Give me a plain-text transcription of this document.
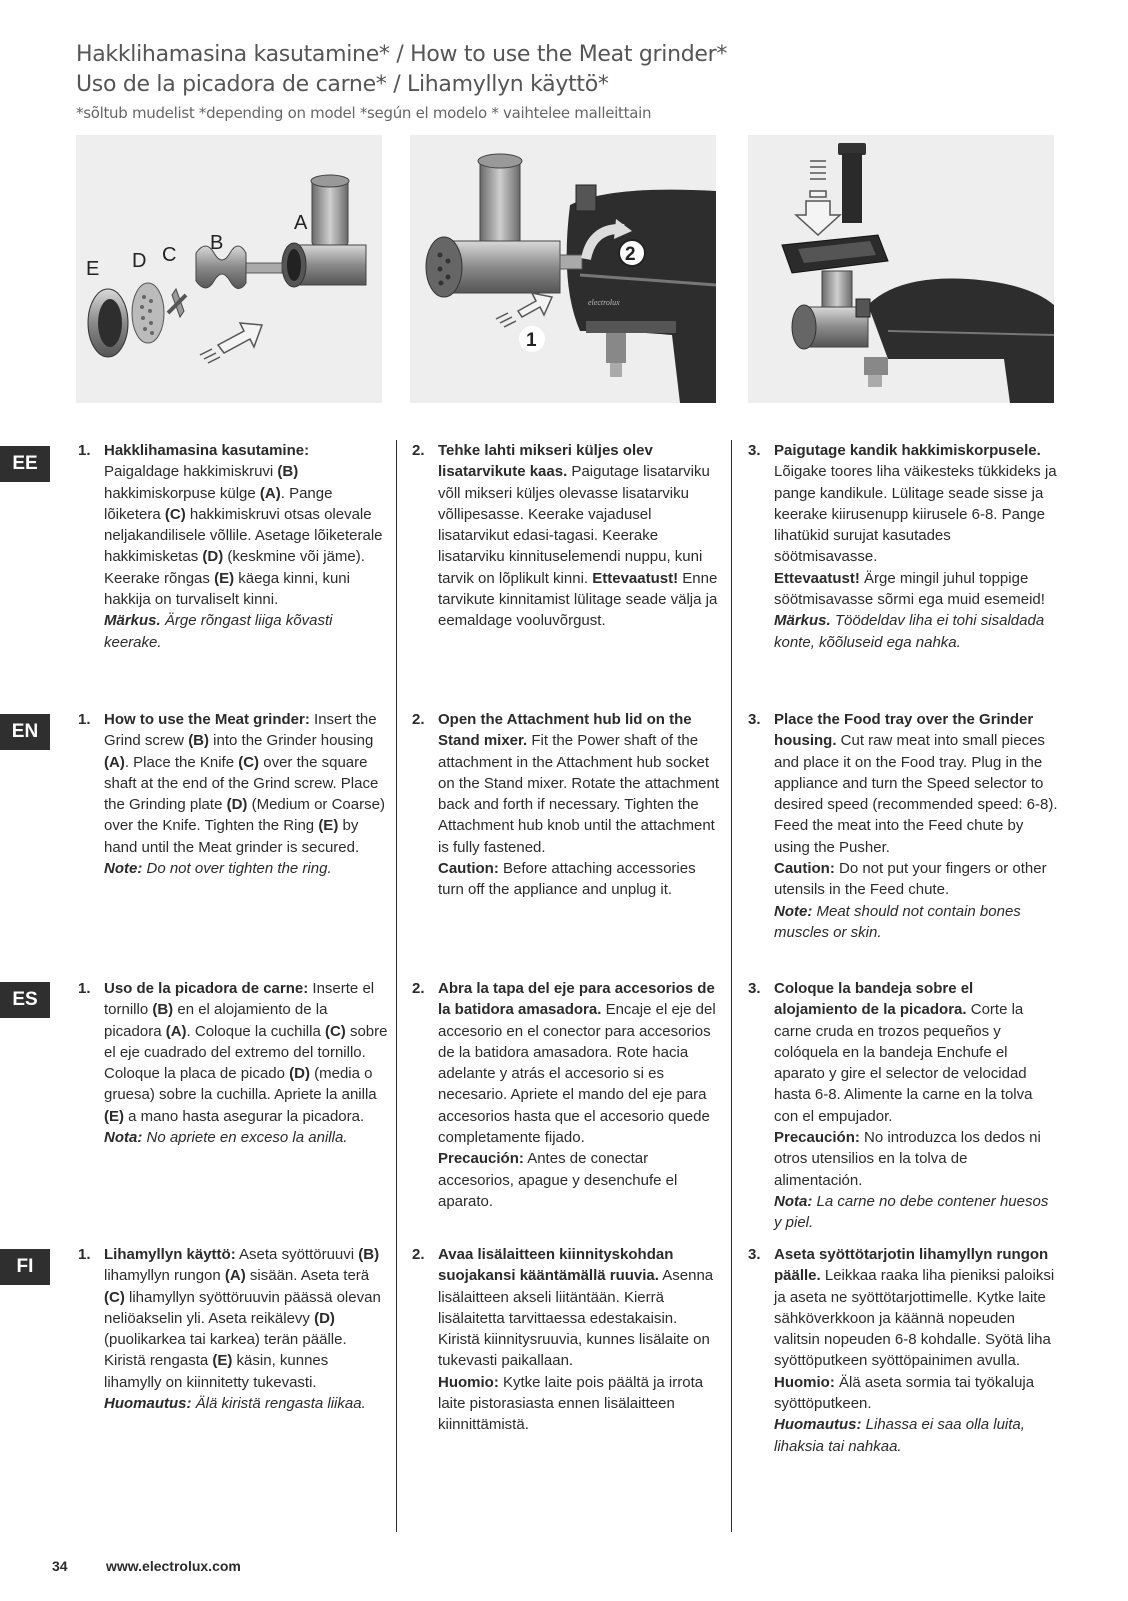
Hakklihamasina kasutamine* / How to use the Meat grinder*
Uso de la picadora de carne* / Lihamyllyn käyttö*
*sõltub mudelist *depending on model *según el modelo * vaihtelee malleittain
A
B
C
D
E
2
1
electrolux
EE
EN
ES
FI
1. Hakklihamasina kasutamine: Paigaldage hakkimiskruvi (B) hakkimiskorpuse külge (A). Pange lõiketera (C) hakkimiskruvi otsas olevale neljakandilisele võllile. Asetage lõiketerale hakkimisketas (D) (keskmine või jäme). Keerake rõngas (E) käega kinni, kuni hakkija on turvaliselt kinni.
Märkus. Ärge rõngast liiga kõvasti keerake.
2. Tehke lahti mikseri küljes olev lisatarvikute kaas. Paigutage lisatarviku võll mikseri küljes olevasse lisatarviku võllipesasse. Keerake vajadusel lisatarvikut edasi-tagasi. Keerake lisatarviku kinnituselemendi nuppu, kuni tarvik on lõplikult kinni. Ettevaatust! Enne tarvikute kinnitamist lülitage seade välja ja eemaldage vooluvõrgust.
3. Paigutage kandik hakkimiskorpusele. Lõigake toores liha väikesteks tükkideks ja pange kandikule. Lülitage seade sisse ja keerake kiirusenupp kiirusele 6-8. Pange lihatükid surujat kasutades söötmisavasse.
Ettevaatust! Ärge mingil juhul toppige söötmisavasse sõrmi ega muid esemeid!
Märkus. Töödeldav liha ei tohi sisaldada konte, kõõluseid ega nahka.
1. How to use the Meat grinder: Insert the Grind screw (B) into the Grinder housing (A). Place the Knife (C) over the square shaft at the end of the Grind screw. Place the Grinding plate (D) (Medium or Coarse) over the Knife. Tighten the Ring (E) by hand until the Meat grinder is secured.
Note: Do not over tighten the ring.
2. Open the Attachment hub lid on the Stand mixer. Fit the Power shaft of the attachment in the Attachment hub socket on the Stand mixer. Rotate the attachment back and forth if necessary. Tighten the Attachment hub knob until the attachment is fully fastened.
Caution: Before attaching accessories turn off the appliance and unplug it.
3. Place the Food tray over the Grinder housing. Cut raw meat into small pieces and place it on the Food tray. Plug in the appliance and turn the Speed selector to desired speed (recommended speed: 6-8). Feed the meat into the Feed chute by using the Pusher.
Caution: Do not put your fingers or other utensils in the Feed chute.
Note: Meat should not contain bones muscles or skin.
1. Uso de la picadora de carne: Inserte el tornillo (B) en el alojamiento de la picadora (A). Coloque la cuchilla (C) sobre el eje cuadrado del extremo del tornillo. Coloque la placa de picado (D) (media o gruesa) sobre la cuchilla. Apriete la anilla (E) a mano hasta asegurar la picadora.
Nota: No apriete en exceso la anilla.
2. Abra la tapa del eje para accesorios de la batidora amasadora. Encaje el eje del accesorio en el conector para accesorios de la batidora amasadora. Rote hacia adelante y atrás el accesorio si es necesario. Apriete el mando del eje para accesorios hasta que el accesorio quede completamente fijado.
Precaución: Antes de conectar accesorios, apague y desenchufe el aparato.
3. Coloque la bandeja sobre el alojamiento de la picadora. Corte la carne cruda en trozos pequeños y colóquela en la bandeja Enchufe el aparato y gire el selector de velocidad hasta 6-8. Alimente la carne en la tolva con el empujador.
Precaución: No introduzca los dedos ni otros utensilios en la tolva de alimentación.
Nota: La carne no debe contener huesos y piel.
1. Lihamyllyn käyttö: Aseta syöttöruuvi (B) lihamyllyn rungon (A) sisään. Aseta terä (C) lihamyllyn syöttöruuvin päässä olevan neliöakselin yli. Aseta reikälevy (D) (puolikarkea tai karkea) terän päälle. Kiristä rengasta (E) käsin, kunnes lihamylly on kiinnitetty tukevasti.
Huomautus: Älä kiristä rengasta liikaa.
2. Avaa lisälaitteen kiinnityskohdan suojakansi kääntämällä ruuvia. Asenna lisälaitteen akseli liitäntään. Kierrä lisälaitetta tarvittaessa edestakaisin. Kiristä kiinnitysruuvia, kunnes lisälaite on tukevasti paikallaan.
Huomio: Kytke laite pois päältä ja irrota laite pistorasiasta ennen lisälaitteen kiinnittämistä.
3. Aseta syöttötarjotin lihamyllyn rungon päälle. Leikkaa raaka liha pieniksi paloiksi ja aseta ne syöttötarjottimelle. Kytke laite sähköverkkoon ja käännä nopeuden valitsin nopeuden 6-8 kohdalle. Syötä liha syöttöputkeen syöttöpainimen avulla.
Huomio: Älä aseta sormia tai työkaluja syöttöputkeen.
Huomautus: Lihassa ei saa olla luita, lihaksia tai nahkaa.
34	www.electrolux.com
